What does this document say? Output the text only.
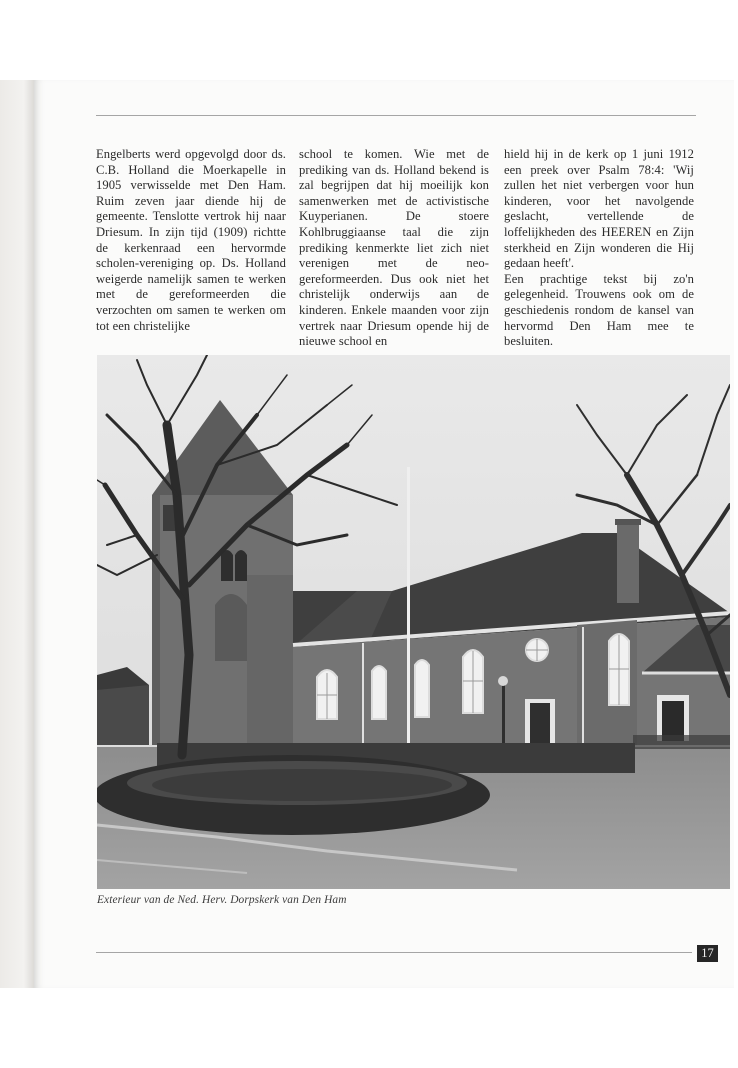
Engelberts werd opgevolgd door ds. C.B. Holland die Moerkapelle in 1905 verwisselde met Den Ham. Ruim zeven jaar diende hij de gemeente. Tenslotte vertrok hij naar Driesum. In zijn tijd (1909) richtte de kerkenraad een hervormde scholen-vereniging op. Ds. Holland weigerde namelijk samen te werken met de gereformeerden die verzochten om samen te werken om tot een christelijke

school te komen. Wie met de prediking van ds. Holland bekend is zal begrijpen dat hij moeilijk kon samenwerken met de activistische Kuyperianen. De stoere Kohlbruggiaanse taal die zijn prediking kenmerkte liet zich niet verenigen met de neo-gereformeerden. Dus ook niet het christelijk onderwijs aan de kinderen. Enkele maanden voor zijn vertrek naar Driesum opende hij de nieuwe school en

hield hij in de kerk op 1 juni 1912 een preek over Psalm 78:4: 'Wij zullen het niet verbergen voor hun kinderen, voor het navolgende geslacht, vertellende de loffelijkheden des HEEREN en Zijn sterkheid en Zijn wonderen die Hij gedaan heeft'.

Een prachtige tekst bij zo'n gelegenheid. Trouwens ook om de geschiedenis rondom de kansel van hervormd Den Ham mee te besluiten.

Exterieur van de Ned. Herv. Dorpskerk van Den Ham
17
